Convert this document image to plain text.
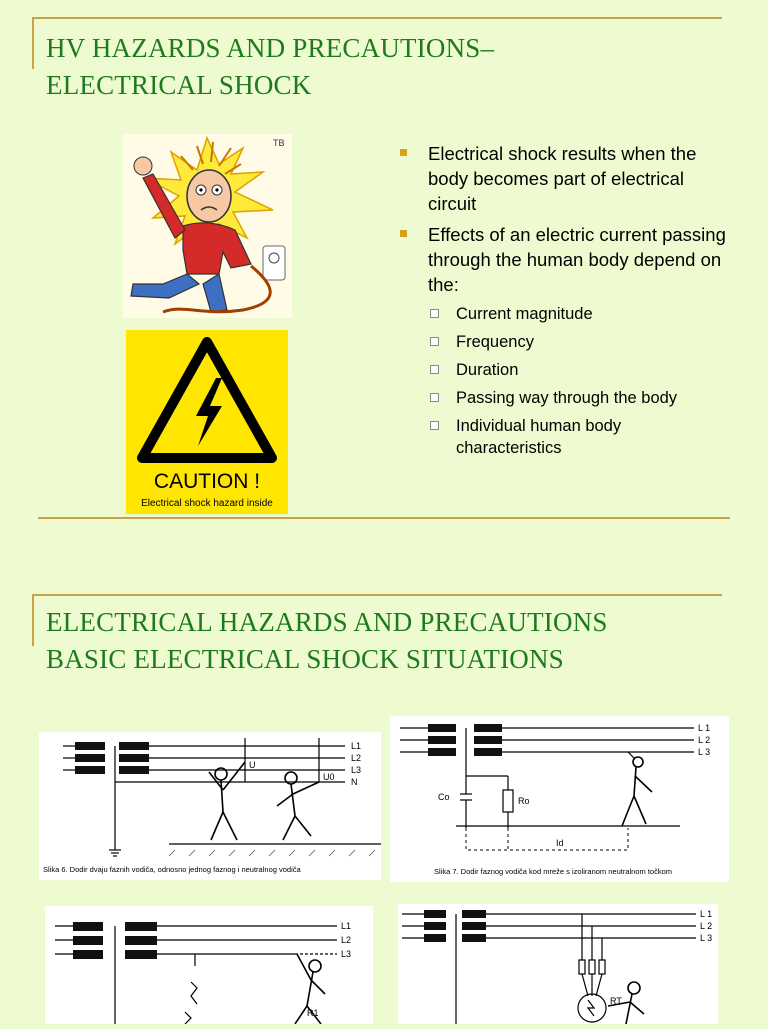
HV HAZARDS AND PRECAUTIONS–
ELECTRICAL SHOCK
TB
CAUTION !
Electrical shock hazard inside
Electrical shock results when the body becomes part of electrical circuit
Effects of an electric current passing through the human body depend on the:
Current magnitude
Frequency
Duration
Passing way through the body
Individual human body characteristics
ELECTRICAL HAZARDS AND PRECAUTIONS
BASIC ELECTRICAL SHOCK SITUATIONS
L1
L2
L3
N
U
U0
Slika 6. Dodir dvaju faznih vodiča, odnosno jednog faznog i neutralnog vodiča
L 1
L 2
L 3
Co	Ro
Id
Slika 7. Dodir faznog vodiča kod mreže s izoliranom neutralnom točkom
L1
L2
L3
R1
L 1
L 2
L 3
RT
